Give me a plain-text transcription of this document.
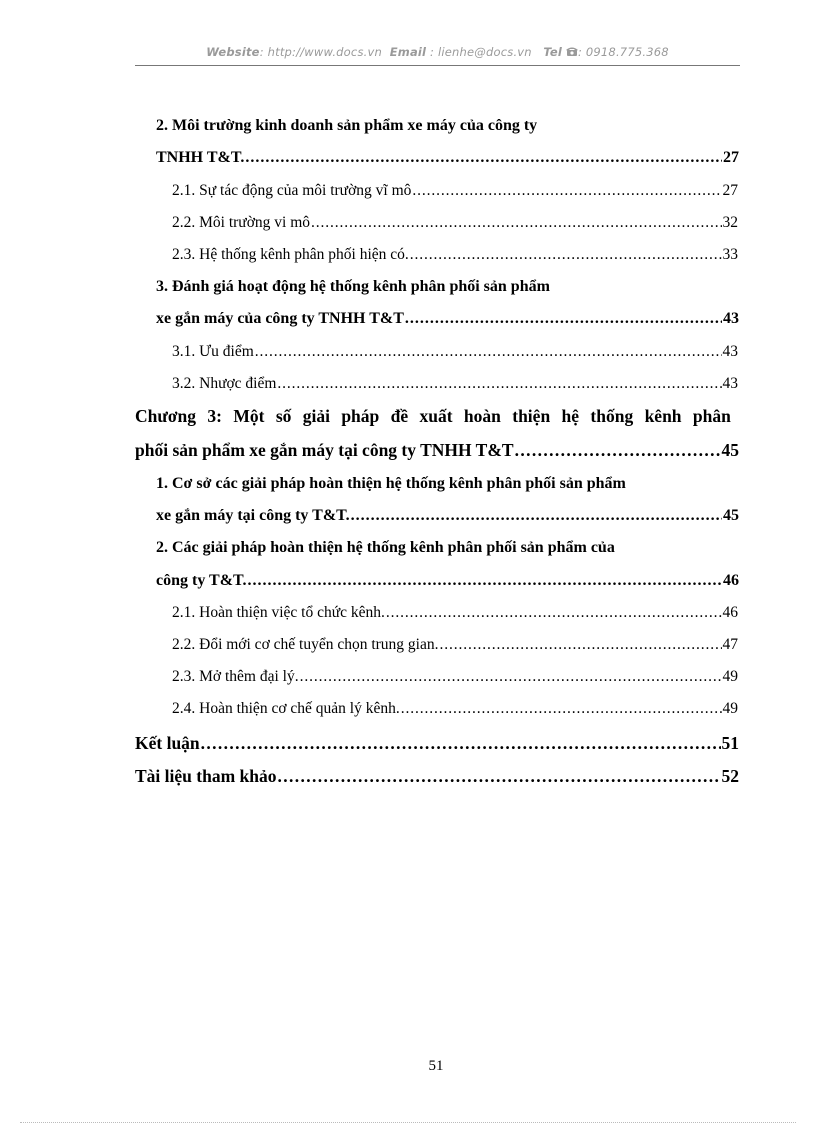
Website: http://www.docs.vn Email : lienhe@docs.vn Tel : 0918.775.368
2. Môi trường kinh doanh sản phẩm xe máy của công ty
TNHH T&T. . . .	27
2.1. Sự tác động của môi trường vĩ mô . . .	27
2.2. Môi trường vi mô . . .	32
2.3. Hệ thống kênh phân phối hiện có. . . .	33
3. Đánh giá hoạt động hệ thống kênh phân phối sản phẩm
xe gắn máy của công ty TNHH T&T . . .	43
3.1. Ưu điểm . . .	43
3.2. Nhược điểm . . .	43
Chương 3: Một số giải pháp đề xuất hoàn thiện hệ thống kênh phân
phối sản phẩm xe gắn máy tại công ty TNHH T&T . . .	45
1. Cơ sở các giải pháp hoàn thiện hệ thống kênh phân phối sản phẩm
xe gắn máy tại công ty T&T. . . .	45
2. Các giải pháp hoàn thiện hệ thống kênh phân phối sản phẩm của
công ty T&T. . . .	46
2.1. Hoàn thiện việc tổ chức kênh. . . .	46
2.2. Đổi mới cơ chế tuyển chọn trung gian. . . .	47
2.3. Mở thêm đại lý. . . .	49
2.4. Hoàn thiện cơ chế quản lý kênh. . . .	49
Kết luận . . .	51
Tài liệu tham khảo . . .	52
51
